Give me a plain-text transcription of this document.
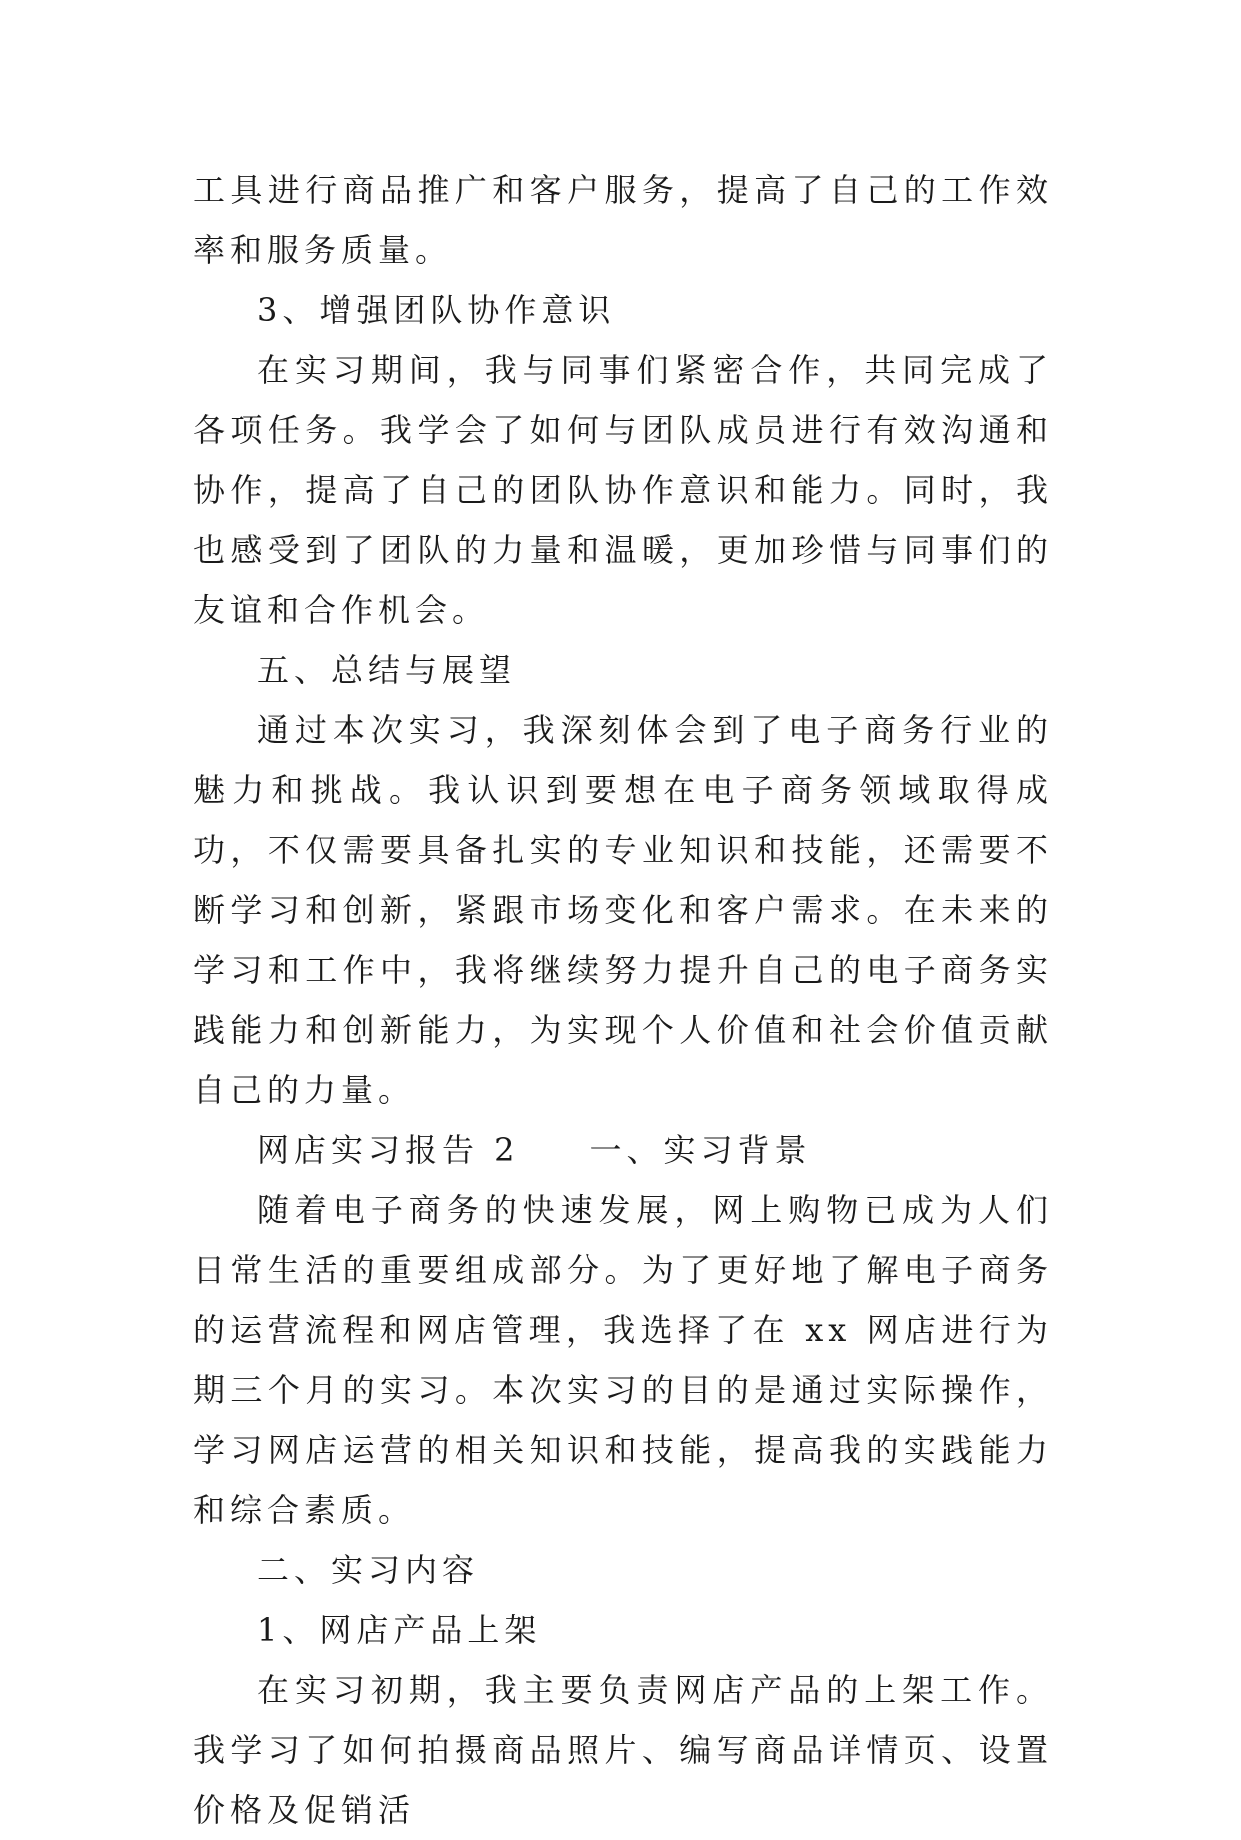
工具进行商品推广和客户服务，提高了自己的工作效率和服务质量。

3、增强团队协作意识

在实习期间，我与同事们紧密合作，共同完成了各项任务。我学会了如何与团队成员进行有效沟通和协作，提高了自己的团队协作意识和能力。同时，我也感受到了团队的力量和温暖，更加珍惜与同事们的友谊和合作机会。

五、总结与展望

通过本次实习，我深刻体会到了电子商务行业的魅力和挑战。我认识到要想在电子商务领域取得成功，不仅需要具备扎实的专业知识和技能，还需要不断学习和创新，紧跟市场变化和客户需求。在未来的学习和工作中，我将继续努力提升自己的电子商务实践能力和创新能力，为实现个人价值和社会价值贡献自己的力量。

网店实习报告 2 一、实习背景

随着电子商务的快速发展，网上购物已成为人们日常生活的重要组成部分。为了更好地了解电子商务的运营流程和网店管理，我选择了在 xx 网店进行为期三个月的实习。本次实习的目的是通过实际操作，学习网店运营的相关知识和技能，提高我的实践能力和综合素质。

二、实习内容

1、网店产品上架

在实习初期，我主要负责网店产品的上架工作。我学习了如何拍摄商品照片、编写商品详情页、设置价格及促销活
